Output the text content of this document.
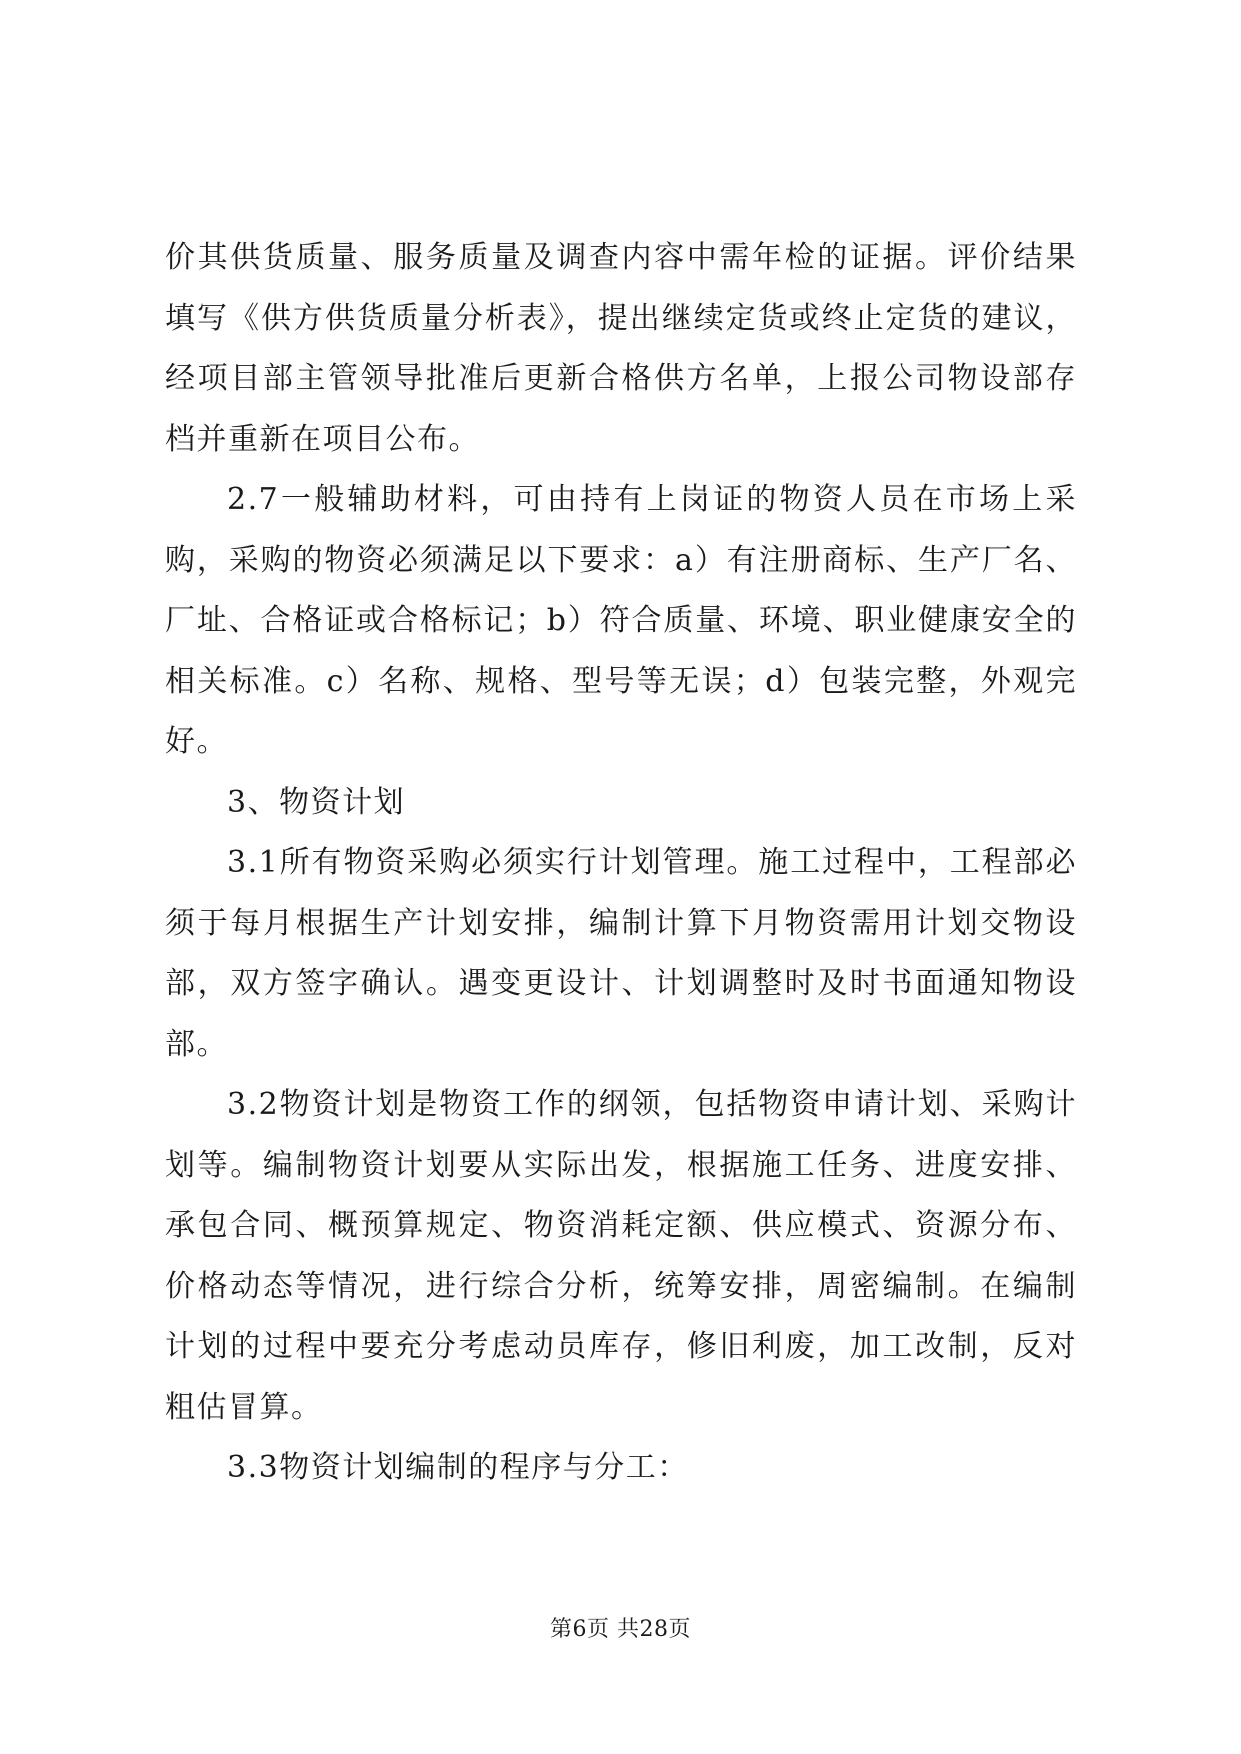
价其供货质量、服务质量及调查内容中需年检的证据。评价结果填写《供方供货质量分析表》，提出继续定货或终止定货的建议，经项目部主管领导批准后更新合格供方名单，上报公司物设部存档并重新在项目公布。

2.7一般辅助材料，可由持有上岗证的物资人员在市场上采购，采购的物资必须满足以下要求：a）有注册商标、生产厂名、厂址、合格证或合格标记；b）符合质量、环境、职业健康安全的相关标准。c）名称、规格、型号等无误；d）包装完整，外观完好。

3、物资计划

3.1所有物资采购必须实行计划管理。施工过程中，工程部必须于每月根据生产计划安排，编制计算下月物资需用计划交物设部，双方签字确认。遇变更设计、计划调整时及时书面通知物设部。

3.2物资计划是物资工作的纲领，包括物资申请计划、采购计划等。编制物资计划要从实际出发，根据施工任务、进度安排、承包合同、概预算规定、物资消耗定额、供应模式、资源分布、价格动态等情况，进行综合分析，统筹安排，周密编制。在编制计划的过程中要充分考虑动员库存，修旧利废，加工改制，反对粗估冒算。

3.3物资计划编制的程序与分工：

第6页 共28页
